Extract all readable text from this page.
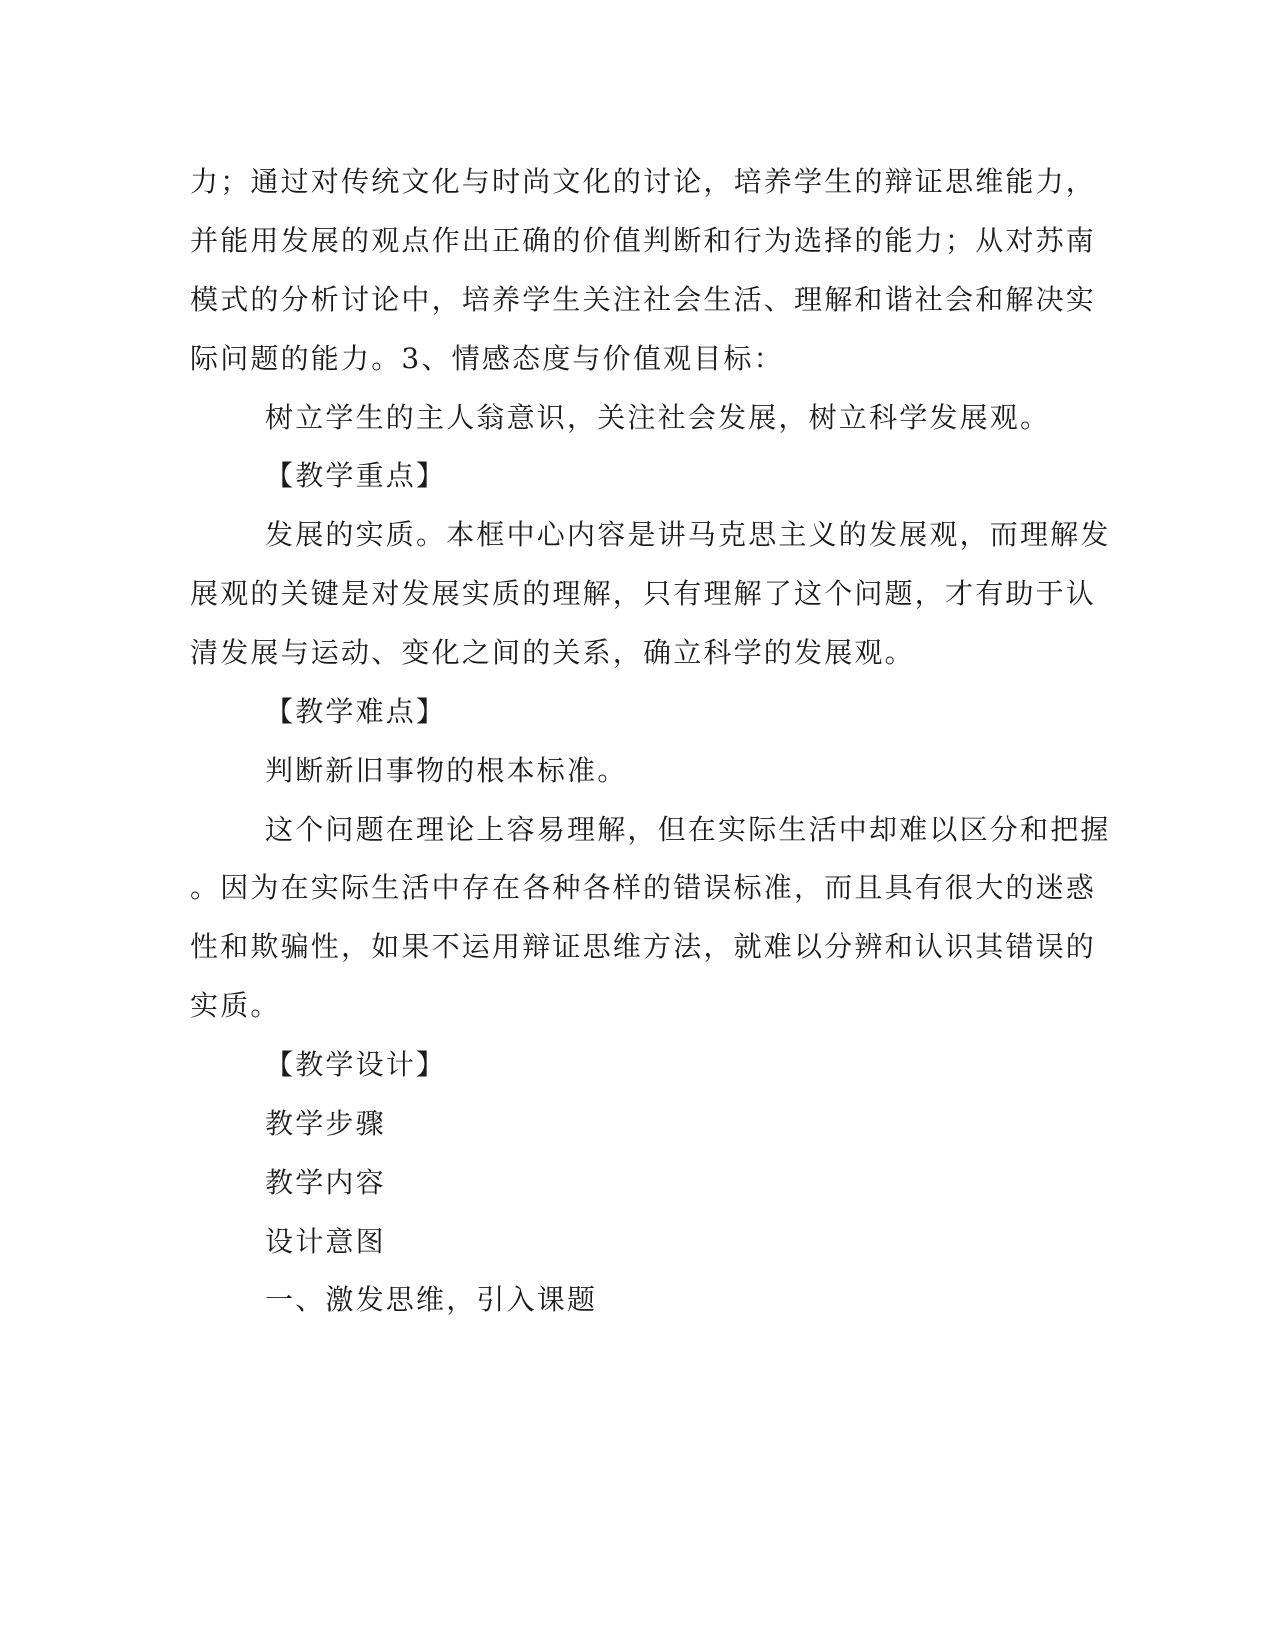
力；通过对传统文化与时尚文化的讨论，培养学生的辩证思维能力，
并能用发展的观点作出正确的价值判断和行为选择的能力；从对苏南
模式的分析讨论中，培养学生关注社会生活、理解和谐社会和解决实
际问题的能力。3、情感态度与价值观目标：
树立学生的主人翁意识，关注社会发展，树立科学发展观。
【教学重点】
发展的实质。本框中心内容是讲马克思主义的发展观，而理解发
展观的关键是对发展实质的理解，只有理解了这个问题，才有助于认
清发展与运动、变化之间的关系，确立科学的发展观。
【教学难点】
判断新旧事物的根本标准。
这个问题在理论上容易理解，但在实际生活中却难以区分和把握
。因为在实际生活中存在各种各样的错误标准，而且具有很大的迷惑
性和欺骗性，如果不运用辩证思维方法，就难以分辨和认识其错误的
实质。
【教学设计】
教学步骤
教学内容
设计意图
一、激发思维，引入课题
